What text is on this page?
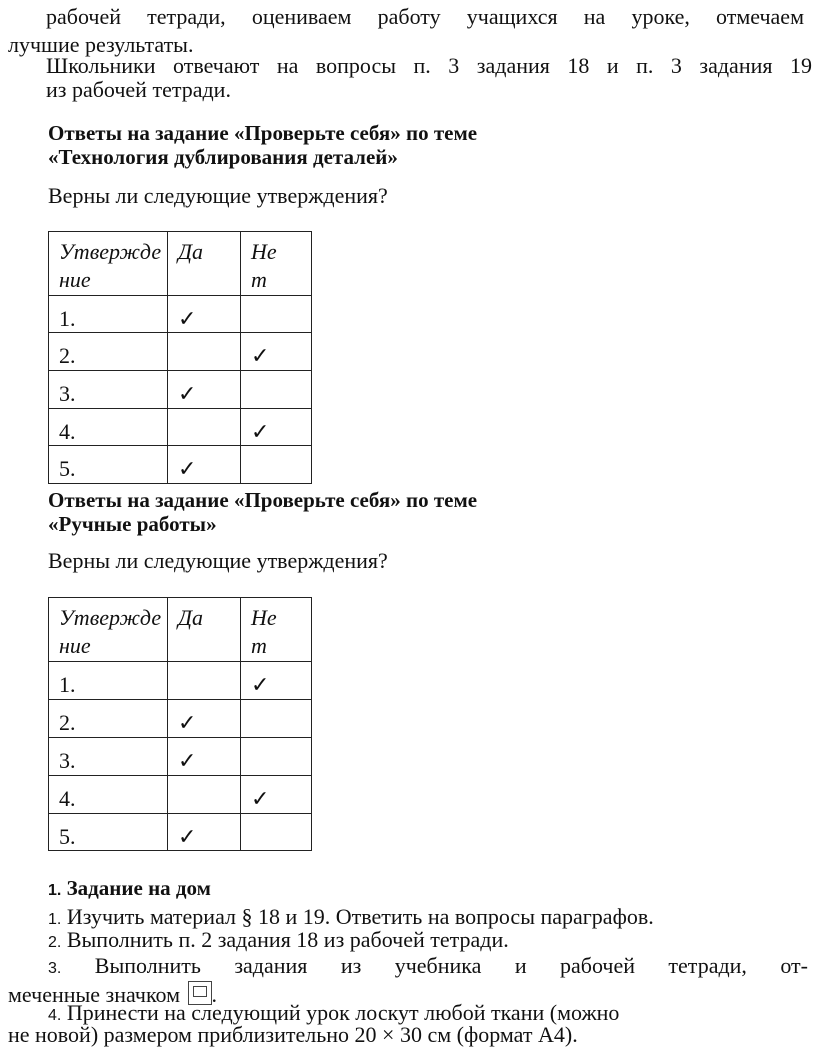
рабочей тетради, оцениваем работу учащихся на уроке, отмечаем
лучшие результаты.
Школьники отвечают на вопросы п. 3 задания 18 и п. 3 задания 19
из рабочей тетради.
Ответы на задание «Проверьте себя» по теме
«Технология дублирования деталей»
Верны ли следующие утверждения?
Утвержде
ние	Да	Не
т
1.	✓	
2.		✓
3.	✓	
4.		✓
5.	✓	
Ответы на задание «Проверьте себя» по теме
«Ручные работы»
Верны ли следующие утверждения?
Утвержде
ние	Да	Не
т
1.		✓
2.	✓	
3.	✓	
4.		✓
5.	✓	
1. Задание на дом
1. Изучить материал § 18 и 19. Ответить на вопросы параграфов.
2. Выполнить п. 2 задания 18 из рабочей тетради.
3. Выполнить задания из учебника и рабочей тетради, от-
меченные значком .
4. Принести на следующий урок лоскут любой ткани (можно
не новой) размером приблизительно 20 × 30 см (формат А4).
